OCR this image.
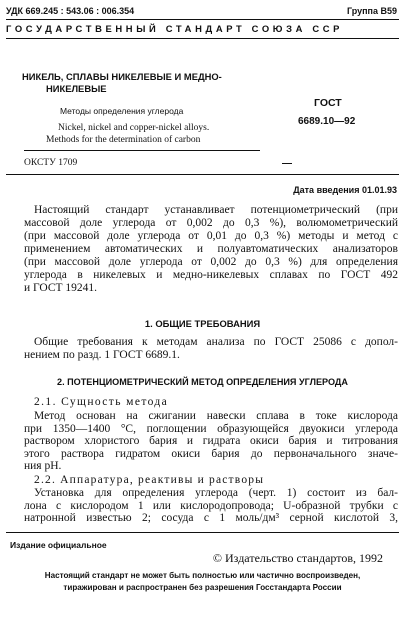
УДК 669.245 : 543.06 : 006.354	Группа В59
ГОСУДАРСТВЕННЫЙ СТАНДАРТ СОЮЗА ССР
НИКЕЛЬ, СПЛАВЫ НИКЕЛЕВЫЕ И МЕДНО-
НИКЕЛЕВЫЕ
Методы определения углерода
Nickel, nickel and copper-nickel alloys.
Methods for the determination of carbon
ГОСТ
6689.10—92
ОКСТУ 1709
Дата введения 01.01.93
Настоящий стандарт устанавливает потенциометрический (при
массовой доле углерода от 0,002 до 0,3 %), волюмометрический
(при массовой доле углерода от 0,01 до 0,3 %) методы и метод с
применением автоматических и полуавтоматических анализаторов
(при массовой доле углерода от 0,002 до 0,3 %) для определения
углерода в никелевых и медно-никелевых сплавах по ГОСТ 492
и ГОСТ 19241.
1. ОБЩИЕ ТРЕБОВАНИЯ
Общие требования к методам анализа по ГОСТ 25086 с допол-
нением по разд. 1 ГОСТ 6689.1.
2. ПОТЕНЦИОМЕТРИЧЕСКИЙ МЕТОД ОПРЕДЕЛЕНИЯ УГЛЕРОДА
2.1. Сущность метода
Метод основан на сжигании навески сплава в токе кислорода
при 1350—1400 °С, поглощении образующейся двуокиси углерода
раствором хлористого бария и гидрата окиси бария и титрования
этого раствора гидратом окиси бария до первоначального значе-
ния рН.
2.2. Аппаратура, реактивы и растворы
Установка для определения углерода (черт. 1) состоит из бал-
лона с кислородом 1 или кислородопровода; U-образной трубки с
натронной известью 2; сосуда с 1 моль/дм³ серной кислотой 3,
Издание официальное
© Издательство стандартов, 1992
Настоящий стандарт не может быть полностью или частично воспроизведен,
тиражирован и распространен без разрешения Госстандарта России
